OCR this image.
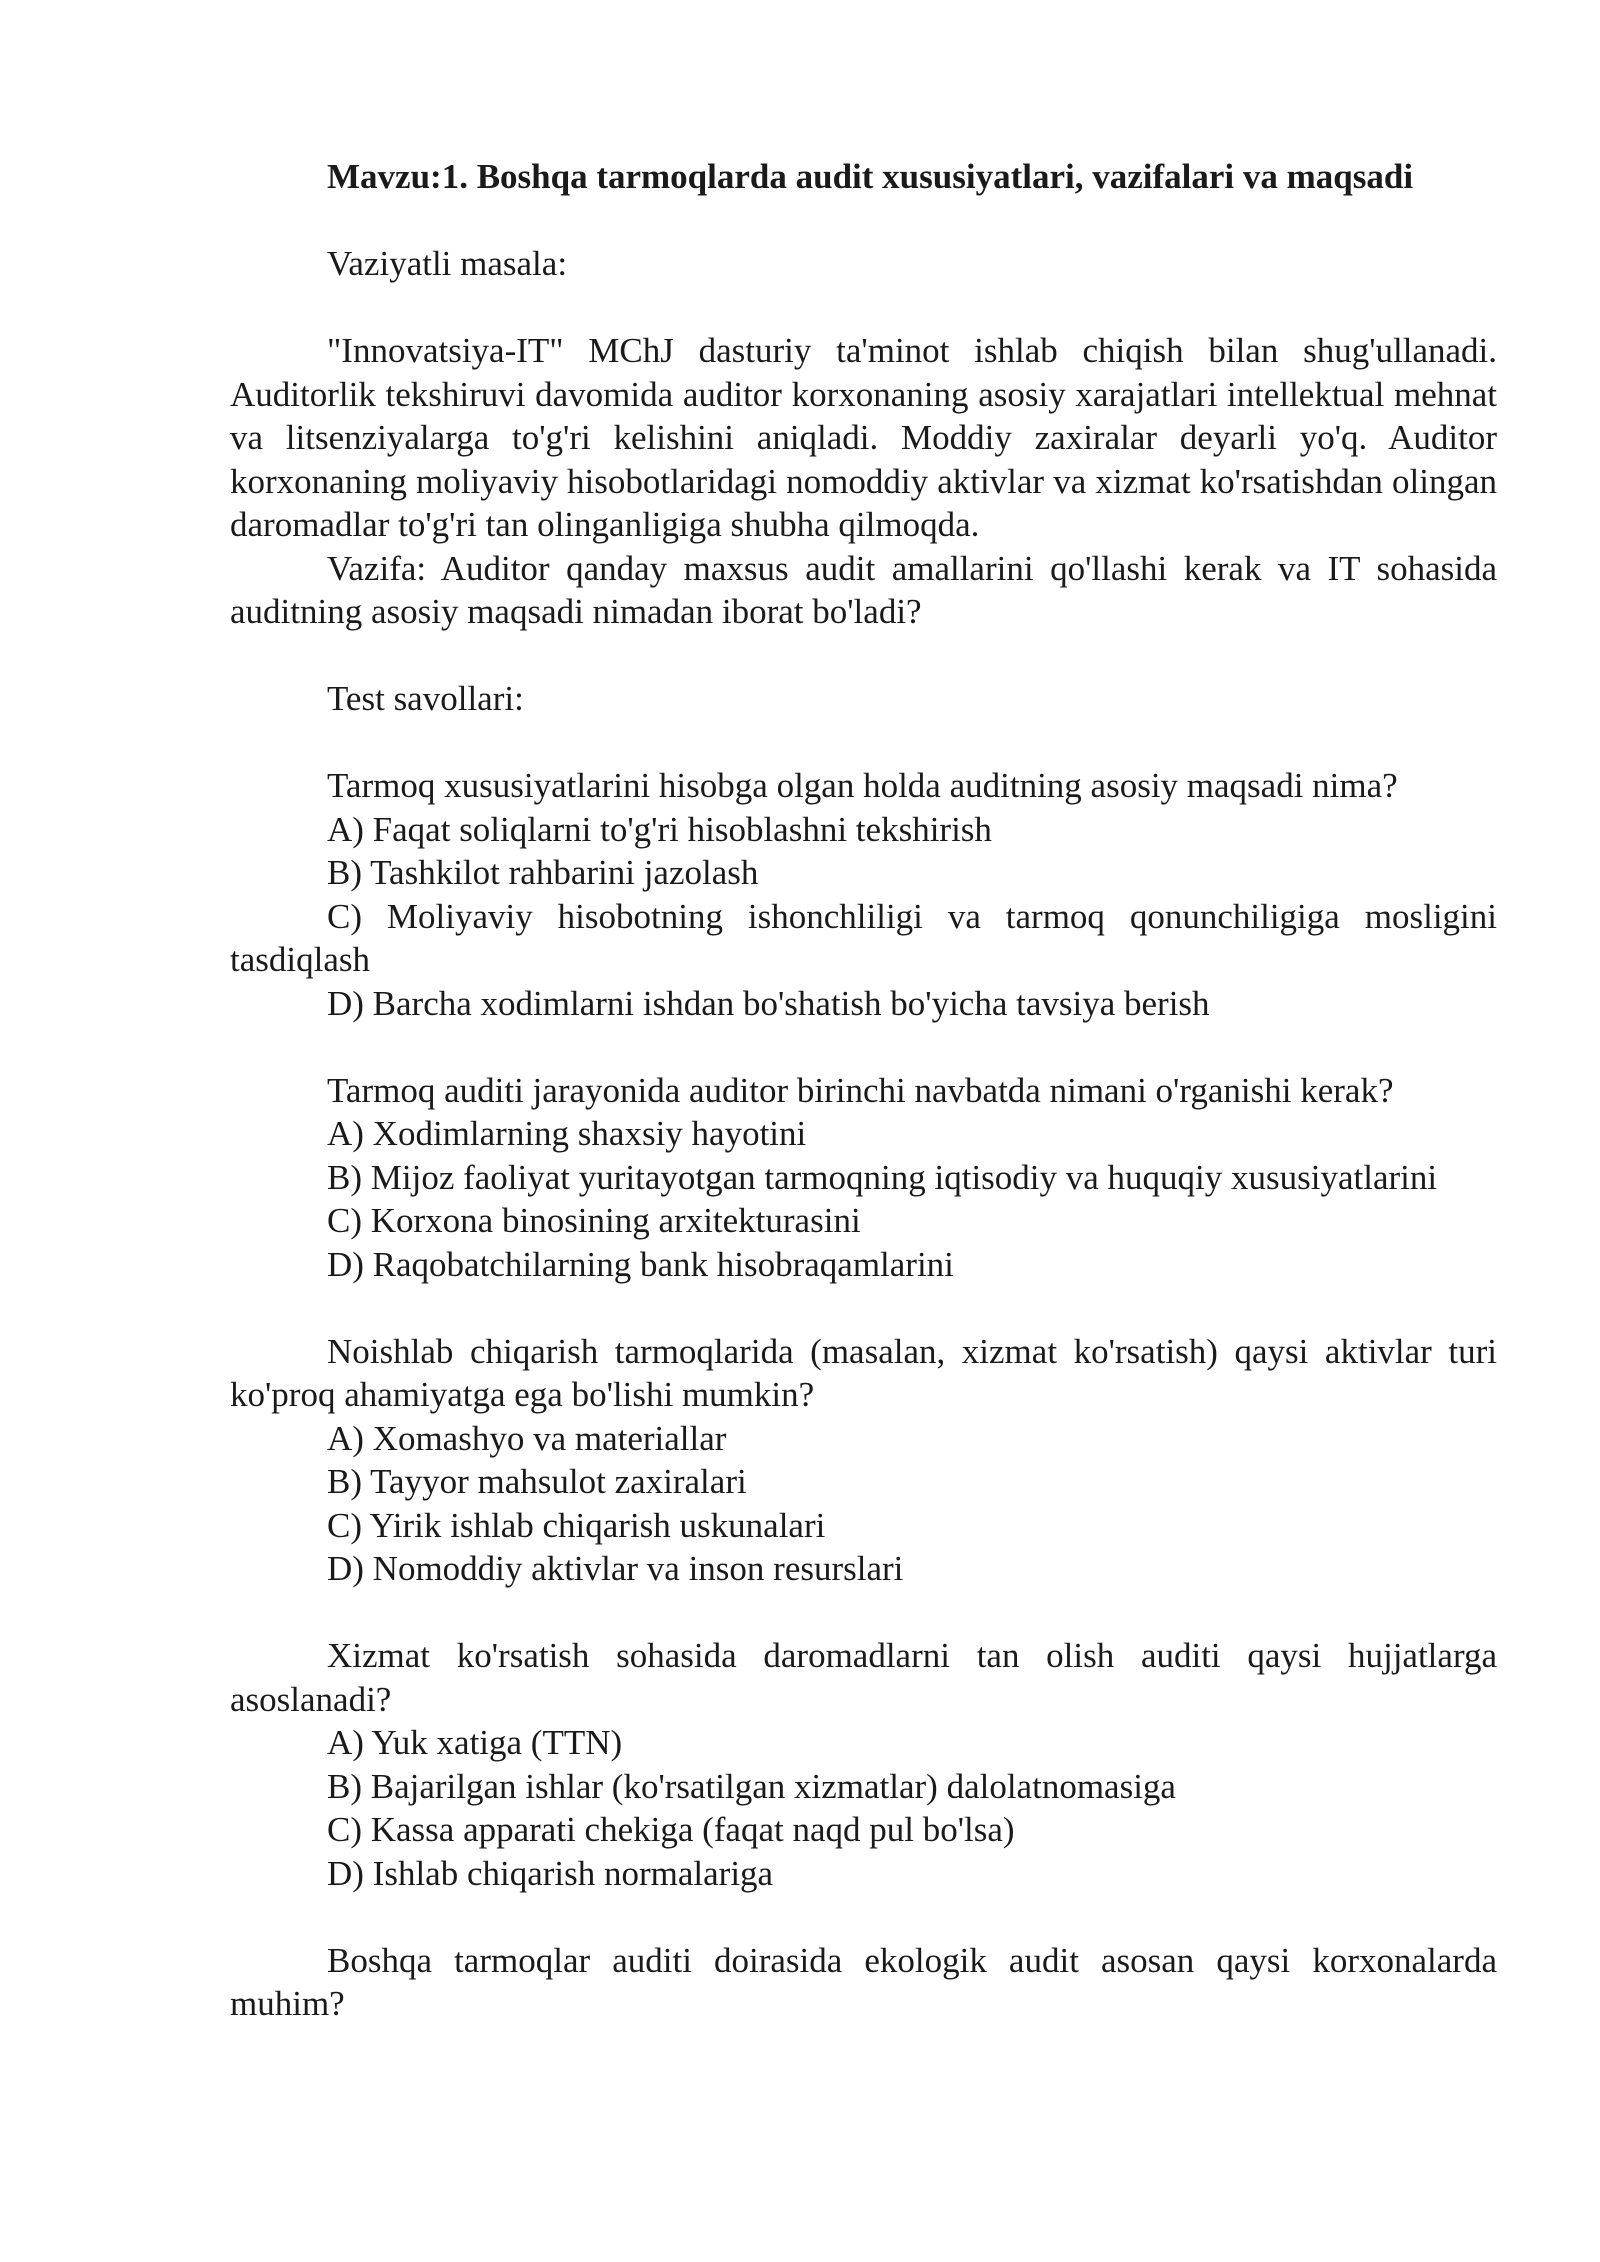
Mavzu:1. Boshqa tarmoqlarda audit xususiyatlari, vazifalari va maqsadi

Vaziyatli masala:

"Innovatsiya-IT" MChJ dasturiy ta'minot ishlab chiqish bilan shug'ullanadi. Auditorlik tekshiruvi davomida auditor korxonaning asosiy xarajatlari intellektual mehnat va litsenziyalarga to'g'ri kelishini aniqladi. Moddiy zaxiralar deyarli yo'q. Auditor korxonaning moliyaviy hisobotlaridagi nomoddiy aktivlar va xizmat ko'rsatishdan olingan daromadlar to'g'ri tan olinganligiga shubha qilmoqda.

Vazifa: Auditor qanday maxsus audit amallarini qo'llashi kerak va IT sohasida auditning asosiy maqsadi nimadan iborat bo'ladi?

Test savollari:

Tarmoq xususiyatlarini hisobga olgan holda auditning asosiy maqsadi nima?

A) Faqat soliqlarni to'g'ri hisoblashni tekshirish

B) Tashkilot rahbarini jazolash

C) Moliyaviy hisobotning ishonchliligi va tarmoq qonunchiligiga mosligini tasdiqlash

D) Barcha xodimlarni ishdan bo'shatish bo'yicha tavsiya berish

Tarmoq auditi jarayonida auditor birinchi navbatda nimani o'rganishi kerak?

A) Xodimlarning shaxsiy hayotini

B) Mijoz faoliyat yuritayotgan tarmoqning iqtisodiy va huquqiy xususiyatlarini

C) Korxona binosining arxitekturasini

D) Raqobatchilarning bank hisobraqamlarini

Noishlab chiqarish tarmoqlarida (masalan, xizmat ko'rsatish) qaysi aktivlar turi ko'proq ahamiyatga ega bo'lishi mumkin?

A) Xomashyo va materiallar

B) Tayyor mahsulot zaxiralari

C) Yirik ishlab chiqarish uskunalari

D) Nomoddiy aktivlar va inson resurslari

Xizmat ko'rsatish sohasida daromadlarni tan olish auditi qaysi hujjatlarga asoslanadi?

A) Yuk xatiga (TTN)

B) Bajarilgan ishlar (ko'rsatilgan xizmatlar) dalolatnomasiga

C) Kassa apparati chekiga (faqat naqd pul bo'lsa)

D) Ishlab chiqarish normalariga

Boshqa tarmoqlar auditi doirasida ekologik audit asosan qaysi korxonalarda muhim?
